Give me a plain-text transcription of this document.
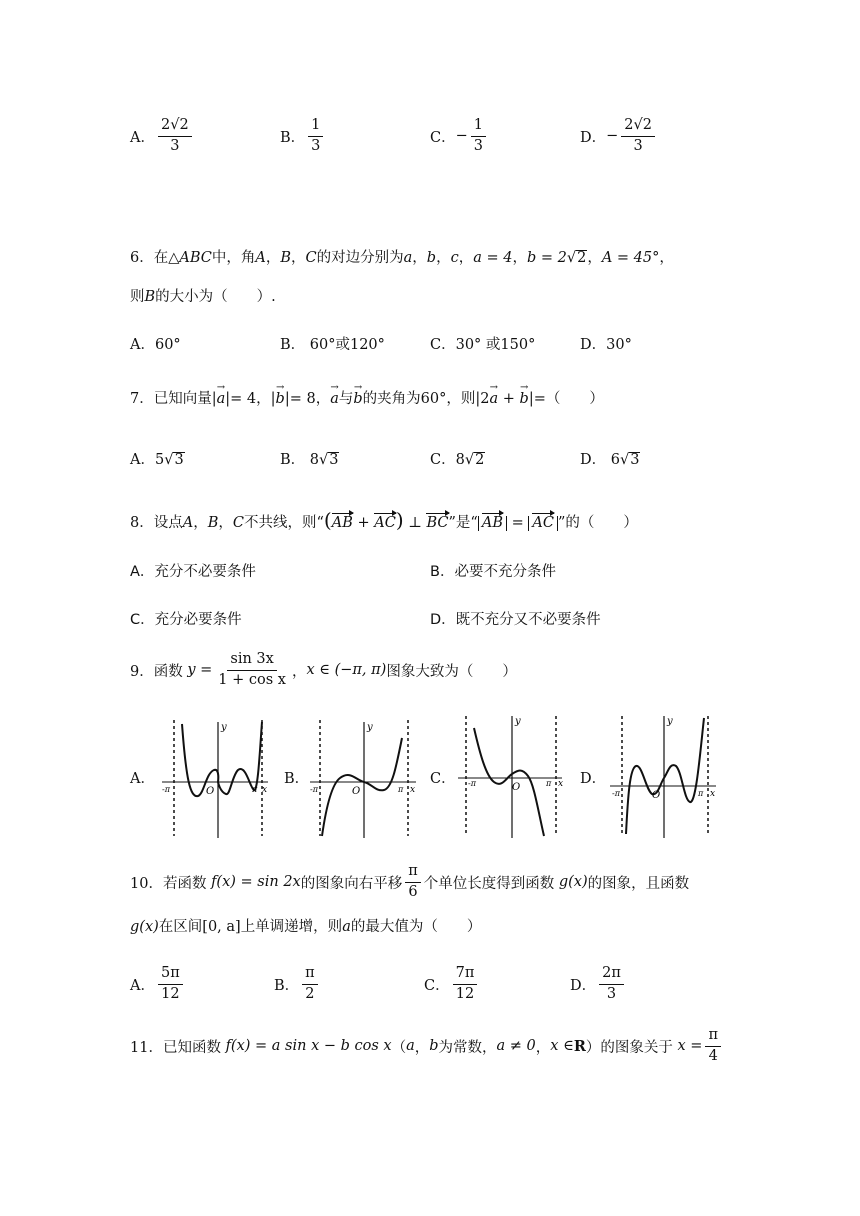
A． $\frac{2√2}{3}$	B． $\frac{1}{3}$	C． − $\frac{1}{3}$	D． − $\frac{2√2}{3}$
6．在△ABC中，角A，B，C的对边分别为a，b，c，a = 4，b = 2√2，A = 45°，
则B的大小为（　　）.
A．60°	B． 60°或120°	C．30° 或150°	D．30°
7．已知向量|a →|= 4，|b →|= 8，a →与b →的夹角为60°，则|2a → + b →|=（　　）
A．5√3	B． 8√3	C．8√2	D． 6√3
8．设点A，B，C不共线，则“(AB + AC) ⊥ BC”是“ AB = AC ”的（　　）
A．充分不必要条件	B．必要不充分条件
C．充分必要条件	D．既不充分又不必要条件
9． 函数
$y = \frac{\sin 3x}{\text{1 + cos x}}$ ， x ∈ (−π, π) 图象大致为（　　）
A．	B．	C．	D．
y
O	x
-π	π
y
O	x
-π	π
y
O	x
-π	π
y
O	x
-π	π
10． 若函数
f(x) = sin 2x 的图象向右平移 $\frac{\pi}{6}$ 个单位长度得到函数
g(x) 的图象，且函数
g(x)在区间[0, a]上单调递增，则a的最大值为（　　）
A． $\frac{5\pi}{12}$	B． $\frac{\pi}{2}$	C． $\frac{7\pi}{12}$	D． $\frac{2\pi}{3}$
11． 已知函数
f(x) = a sin x − b cos x （ a ， b 为常数， a ≠ 0 ， x ∈ R ）的图象关于
$x = \frac{\pi}{4}$
